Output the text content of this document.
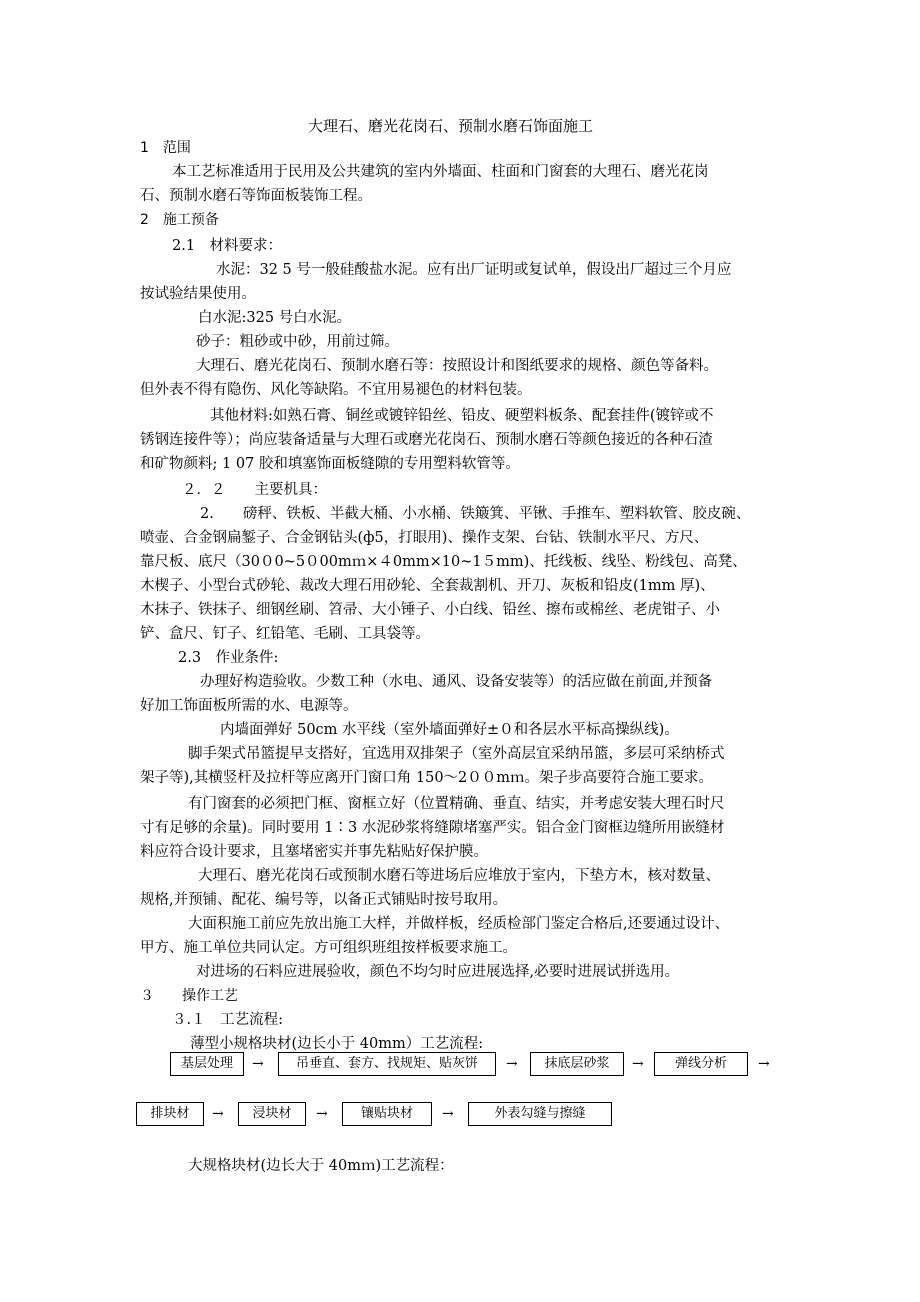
大理石、磨光花岗石、预制水磨石饰面施工
1　范围
本工艺标准适用于民用及公共建筑的室内外墙面、柱面和门窗套的大理石、磨光花岗
石、预制水磨石等饰面板装饰工程。
2　施工预备
2.1　材料要求：
水泥：32 5 号一般硅酸盐水泥。应有出厂证明或复试单，假设出厂超过三个月应
按试验结果使用。
白水泥:325 号白水泥。
砂子：粗砂或中砂，用前过筛。
大理石、磨光花岗石、预制水磨石等：按照设计和图纸要求的规格、颜色等备料。
但外表不得有隐伤、风化等缺陷。不宜用易褪色的材料包装。
其他材料:如熟石膏、铜丝或镀锌铅丝、铅皮、硬塑料板条、配套挂件(镀锌或不
锈钢连接件等）；尚应装备适量与大理石或磨光花岗石、预制水磨石等颜色接近的各种石渣
和矿物颜料; 1 07 胶和填塞饰面板缝隙的专用塑料软管等。
２．２　　主要机具：
2.　　磅秤、铁板、半截大桶、小水桶、铁簸箕、平锹、手推车、塑料软管、胶皮碗、
喷壶、合金钢扁錾子、合金钢钻头(ф5，打眼用)、操作支架、台钻、铁制水平尺、方尺、
靠尺板、底尺（30０0~5０00mｍ×４0mm×10~1５mm)、托线板、线坠、粉线包、高凳、
木楔子、小型台式砂轮、裁改大理石用砂轮、全套裁割机、开刀、灰板和铅皮(1mm 厚)、
木抹子、铁抹子、细钢丝刷、笤帚、大小锤子、小白线、铅丝、擦布或棉丝、老虎钳子、小
铲、盒尺、钉子、红铅笔、毛刷、工具袋等。
2.3　作业条件:
办理好构造验收。少数工种（水电、通风、设备安装等）的活应做在前面,并预备
好加工饰面板所需的水、电源等。
内墙面弹好 50cm 水平线（室外墙面弹好±０和各层水平标高操纵线)。
脚手架式吊篮提早支搭好，宜选用双排架子（室外高层宜采纳吊篮，多层可采纳桥式
架子等),其横竖杆及拉杆等应离开门窗口角 150～2００mｍ。架子步高要符合施工要求。
有门窗套的必须把门框、窗框立好（位置精确、垂直、结实，并考虑安装大理石时尺
寸有足够的余量)。同时要用 1∶3 水泥砂浆将缝隙堵塞严实。铝合金门窗框边缝所用嵌缝材
料应符合设计要求，且塞堵密实并事先粘贴好保护膜。
大理石、磨光花岗石或预制水磨石等进场后应堆放于室内，下垫方木，核对数量、
规格,并预铺、配花、编号等，以备正式铺贴时按号取用。
大面积施工前应先放出施工大样，并做样板，经质检部门鉴定合格后,还要通过设计、
甲方、施工单位共同认定。方可组织班组按样板要求施工。
对进场的石料应进展验收，颜色不均匀时应进展选择,必要时进展试拼选用。
３　　操作工艺
３.１　工艺流程:
薄型小规格块材(边长小于 40mm）工艺流程:
基层处理	→	吊垂直、套方、找规矩、贴灰饼	→	抹底层砂浆	→	弹线分析	→
排块材	→	浸块材	→	镶贴块材	→	外表勾缝与擦缝
大规格块材(边长大于 40mｍ)工艺流程：
